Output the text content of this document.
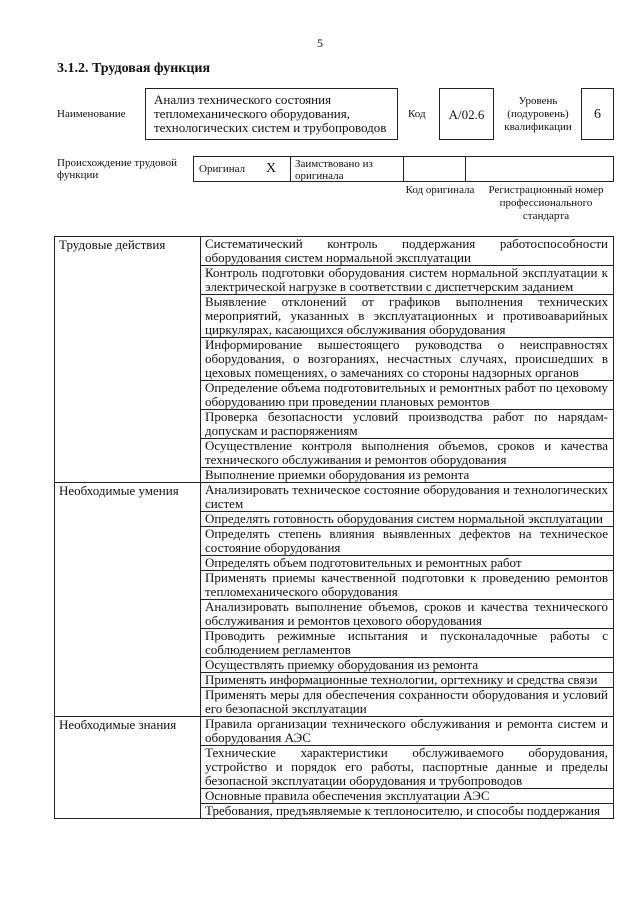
5
3.1.2. Трудовая функция
Наименование
Анализ технического состояния тепломеханического оборудования, технологических систем и трубопроводов
Код	А/02.6
Уровень (подуровень) квалификации
6
Происхождение трудовой функции	Оригинал X Заимствовано из оригинала
Код оригинала	Регистрационный номер профессионального стандарта
Трудовые действия	Систематический контроль поддержания работоспособности оборудования систем нормальной эксплуатации
	Контроль подготовки оборудования систем нормальной эксплуатации к электрической нагрузке в соответствии с диспетчерским заданием
	Выявление отклонений от графиков выполнения технических мероприятий, указанных в эксплуатационных и противоаварийных циркулярах, касающихся обслуживания оборудования
	Информирование вышестоящего руководства о неисправностях оборудования, о возгораниях, несчастных случаях, происшедших в цеховых помещениях, о замечаниях со стороны надзорных органов
	Определение объема подготовительных и ремонтных работ по цеховому оборудованию при проведении плановых ремонтов
	Проверка безопасности условий производства работ по нарядам-допускам и распоряжениям
	Осуществление контроля выполнения объемов, сроков и качества технического обслуживания и ремонтов оборудования
	Выполнение приемки оборудования из ремонта
Необходимые умения	Анализировать техническое состояние оборудования и технологических систем
	Определять готовность оборудования систем нормальной эксплуатации
	Определять степень влияния выявленных дефектов на техническое состояние оборудования
	Определять объем подготовительных и ремонтных работ
	Применять приемы качественной подготовки к проведению ремонтов тепломеханического оборудования
	Анализировать выполнение объемов, сроков и качества технического обслуживания и ремонтов цехового оборудования
	Проводить режимные испытания и пусконаладочные работы с соблюдением регламентов
	Осуществлять приемку оборудования из ремонта
	Применять информационные технологии, оргтехнику и средства связи
	Применять меры для обеспечения сохранности оборудования и условий его безопасной эксплуатации
Необходимые знания	Правила организации технического обслуживания и ремонта систем и оборудования АЭС
	Технические характеристики обслуживаемого оборудования, устройство и порядок его работы, паспортные данные и пределы безопасной эксплуатации оборудования и трубопроводов
	Основные правила обеспечения эксплуатации АЭС
	Требования, предъявляемые к теплоносителю, и способы поддержания
